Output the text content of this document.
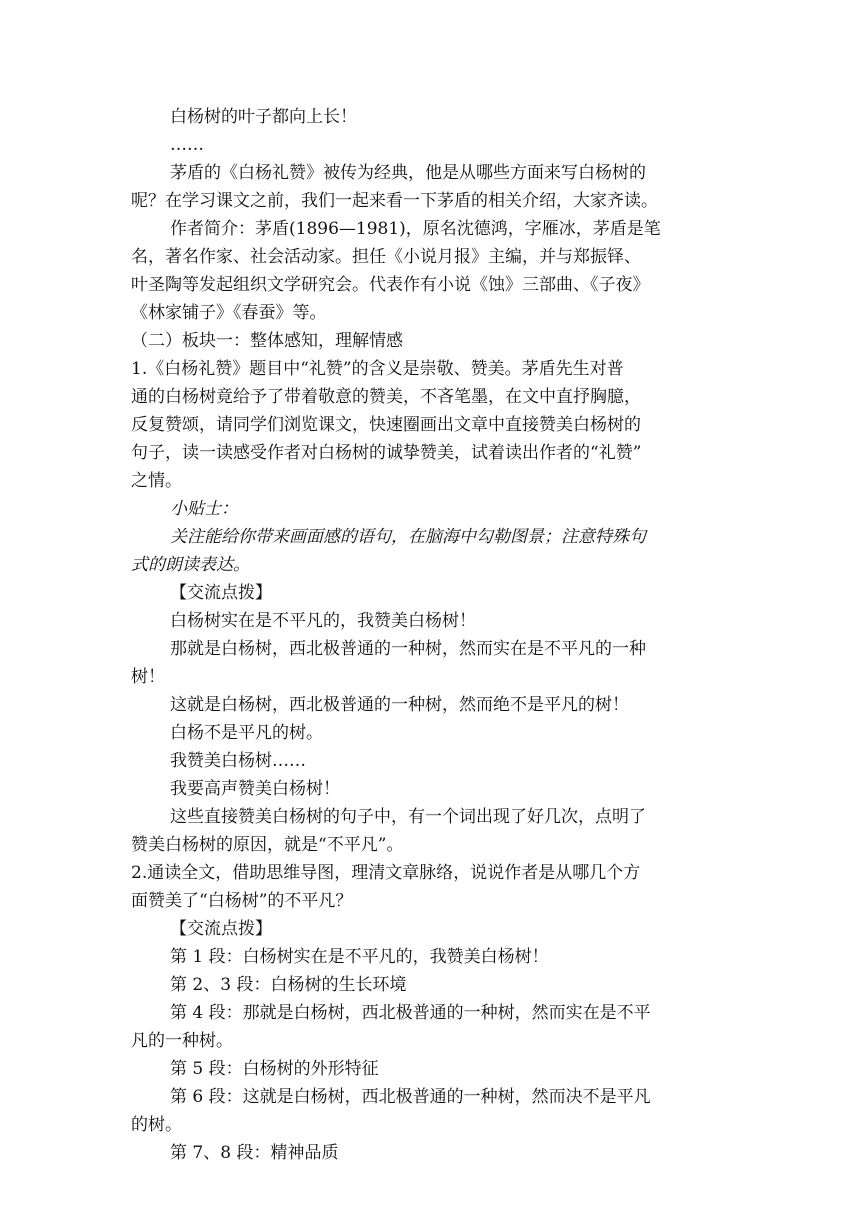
白杨树的叶子都向上长！
……
茅盾的《白杨礼赞》被传为经典，他是从哪些方面来写白杨树的
呢？在学习课文之前，我们一起来看一下茅盾的相关介绍，大家齐读。
作者简介：茅盾(1896—1981)，原名沈德鸿，字雁冰，茅盾是笔
名，著名作家、社会活动家。担任《小说月报》主编，并与郑振铎、
叶圣陶等发起组织文学研究会。代表作有小说《蚀》三部曲、《子夜》
《林家铺子》《春蚕》等。
（二）板块一：整体感知，理解情感
1.《白杨礼赞》题目中“礼赞”的含义是崇敬、赞美。茅盾先生对普
通的白杨树竟给予了带着敬意的赞美，不吝笔墨，在文中直抒胸臆，
反复赞颂，请同学们浏览课文，快速圈画出文章中直接赞美白杨树的
句子，读一读感受作者对白杨树的诚挚赞美，试着读出作者的“礼赞”
之情。
小贴士：
关注能给你带来画面感的语句，在脑海中勾勒图景；注意特殊句
式的朗读表达。
【交流点拨】
白杨树实在是不平凡的，我赞美白杨树！
那就是白杨树，西北极普通的一种树，然而实在是不平凡的一种
树！
这就是白杨树，西北极普通的一种树，然而绝不是平凡的树！
白杨不是平凡的树。
我赞美白杨树……
我要高声赞美白杨树！
这些直接赞美白杨树的句子中，有一个词出现了好几次，点明了
赞美白杨树的原因，就是“不平凡”。
2.通读全文，借助思维导图，理清文章脉络，说说作者是从哪几个方
面赞美了“白杨树”的不平凡？
【交流点拨】
第 1 段：白杨树实在是不平凡的，我赞美白杨树！
第 2、3 段：白杨树的生长环境
第 4 段：那就是白杨树，西北极普通的一种树，然而实在是不平
凡的一种树。
第 5 段：白杨树的外形特征
第 6 段：这就是白杨树，西北极普通的一种树，然而决不是平凡
的树。
第 7、8 段：精神品质
